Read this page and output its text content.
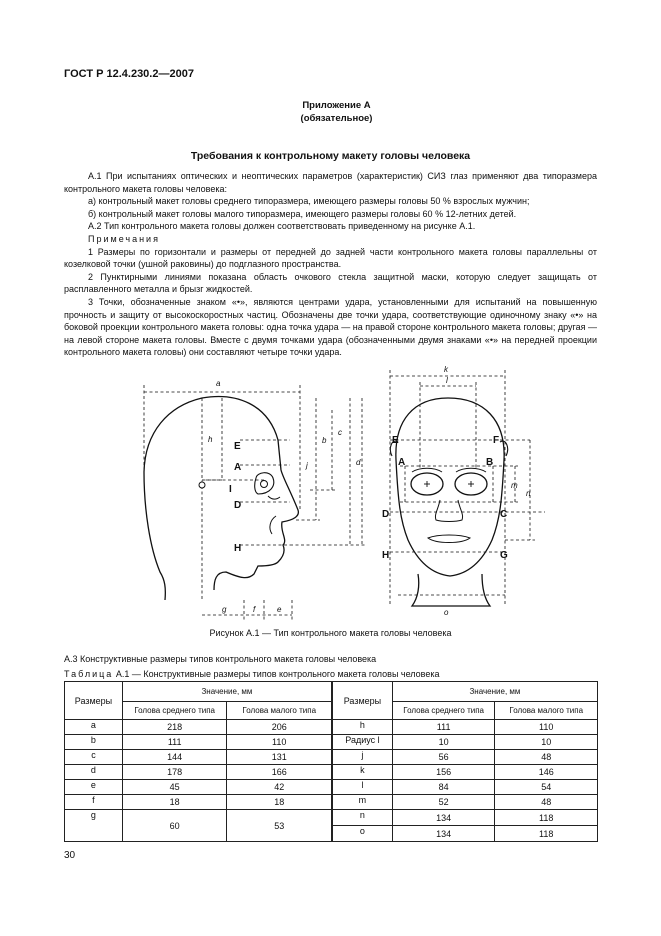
ГОСТ Р 12.4.230.2—2007
Приложение А
(обязательное)
Требования к контрольному макету головы человека

А.1 При испытаниях оптических и неоптических параметров (характеристик) СИЗ глаз применяют два типоразмера контрольного макета головы человека:

а) контрольный макет головы среднего типоразмера, имеющего размеры головы 50 % взрослых мужчин;

б) контрольный макет головы малого типоразмера, имеющего размеры головы 60 % 12-летних детей.

А.2 Тип контрольного макета головы должен соответствовать приведенному на рисунке А.1.

Примечания

1 Размеры по горизонтали и размеры от передней до задней части контрольного макета головы параллельны от козелковой точки (ушной раковины) до подглазного пространства.

2 Пунктирными линиями показана область очкового стекла защитной маски, которую следует защищать от расплавленного металла и брызг жидкостей.

3 Точки, обозначенные знаком «•», являются центрами удара, установленными для испытаний на повышенную прочность и защиту от высокоскоростных частиц. Обозначены две точки удара, соответствующие одиночному знаку «•» на боковой проекции контрольного макета головы: одна точка удара — на правой стороне контрольного макета головы; другая — на левой стороне макета головы. Вместе с двумя точками удара (обозначенными двумя знаками «•» на передней проекции контрольного макета головы) они составляют четыре точки удара.

E
A
I
D
H
a
h
j
b
c
d
g	f	e
E	F
A	B
D	C
H	G
k
l
m
n
o
Рисунок А.1 — Тип контрольного макета головы человека
А.3 Конструктивные размеры типов контрольного макета головы человека
Таблица А.1 — Конструктивные размеры типов контрольного макета головы человека
Размеры	Значение, мм	
	Голова среднего типа	Голова малого типа
a	218	206
b	111	110
c	144	131
d	178	166
e	45	42
f	18	18
g	60	53
Размеры	Значение, мм	
	Голова среднего типа	Голова малого типа
h	111	110
Радиус l	10	10
j	56	48
k	156	146
l	84	54
m	52	48
n	134	118
o	134	118
30
